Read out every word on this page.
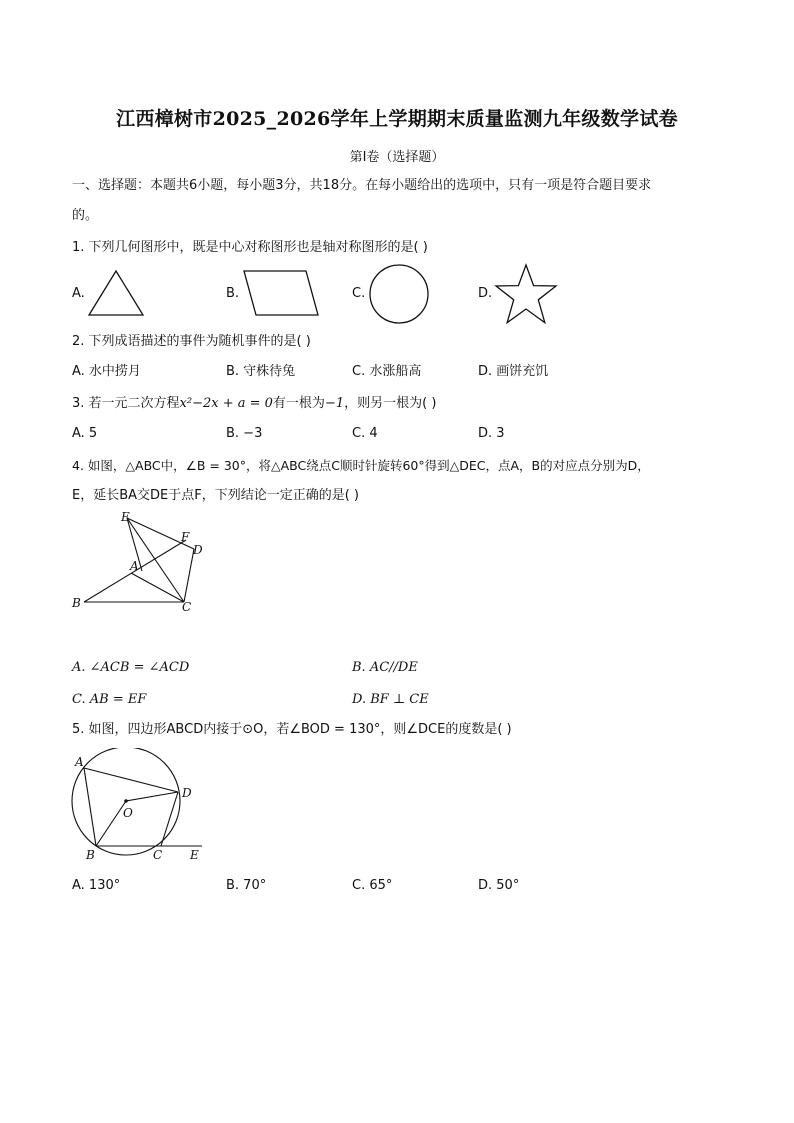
江西樟树市2025_2026学年上学期期末质量监测九年级数学试卷
第I卷（选择题）
一、选择题：本题共6小题，每小题3分，共18分。在每小题给出的选项中，只有一项是符合题目要求
的。
1. 下列几何图形中，既是中心对称图形也是轴对称图形的是( )
A.	B.	C.	D.
2. 下列成语描述的事件为随机事件的是( )
A. 水中捞月	B. 守株待兔	C. 水涨船高	D. 画饼充饥
3. 若一元二次方程x²−2x + a = 0有一根为−1，则另一根为( )
A. 5	B. −3	C. 4	D. 3
4. 如图，△ABC中，∠B = 30°，将△ABC绕点C顺时针旋转60°得到△DEC，点A，B的对应点分别为D，
E，延长BA交DE于点F，下列结论一定正确的是( )
E
F
D
A
B	C
A. ∠ACB = ∠ACD	B. AC//DE
C. AB = EF	D. BF ⊥ CE
5. 如图，四边形ABCD内接于⊙O，若∠BOD = 130°，则∠DCE的度数是( )
A
D
O
B	C E
A. 130°	B. 70°	C. 65°	D. 50°
